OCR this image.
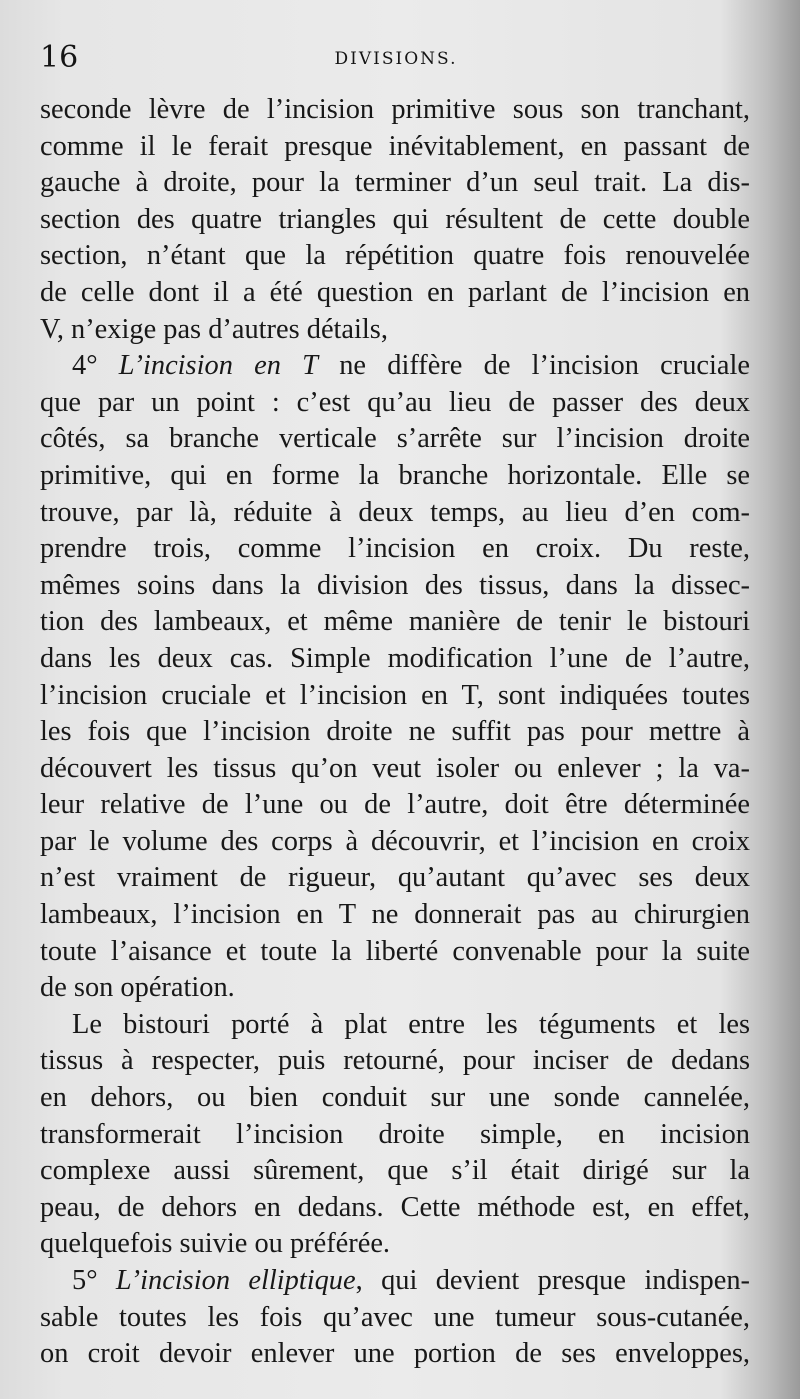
16	DIVISIONS.
seconde lèvre de l’incision primitive sous son tranchant,
comme il le ferait presque inévitablement, en passant de
gauche à droite, pour la terminer d’un seul trait. La dis-
section des quatre triangles qui résultent de cette double
section, n’étant que la répétition quatre fois renouvelée
de celle dont il a été question en parlant de l’incision en
V, n’exige pas d’autres détails,
4° L’incision en T ne diffère de l’incision cruciale
que par un point : c’est qu’au lieu de passer des deux
côtés, sa branche verticale s’arrête sur l’incision droite
primitive, qui en forme la branche horizontale. Elle se
trouve, par là, réduite à deux temps, au lieu d’en com-
prendre trois, comme l’incision en croix. Du reste,
mêmes soins dans la division des tissus, dans la dissec-
tion des lambeaux, et même manière de tenir le bistouri
dans les deux cas. Simple modification l’une de l’autre,
l’incision cruciale et l’incision en T, sont indiquées toutes
les fois que l’incision droite ne suffit pas pour mettre à
découvert les tissus qu’on veut isoler ou enlever ; la va-
leur relative de l’une ou de l’autre, doit être déterminée
par le volume des corps à découvrir, et l’incision en croix
n’est vraiment de rigueur, qu’autant qu’avec ses deux
lambeaux, l’incision en T ne donnerait pas au chirurgien
toute l’aisance et toute la liberté convenable pour la suite
de son opération.
Le bistouri porté à plat entre les téguments et les
tissus à respecter, puis retourné, pour inciser de dedans
en dehors, ou bien conduit sur une sonde cannelée,
transformerait l’incision droite simple, en incision
complexe aussi sûrement, que s’il était dirigé sur la
peau, de dehors en dedans. Cette méthode est, en effet,
quelquefois suivie ou préférée.
5° L’incision elliptique, qui devient presque indispen-
sable toutes les fois qu’avec une tumeur sous-cutanée,
on croit devoir enlever une portion de ses enveloppes,
